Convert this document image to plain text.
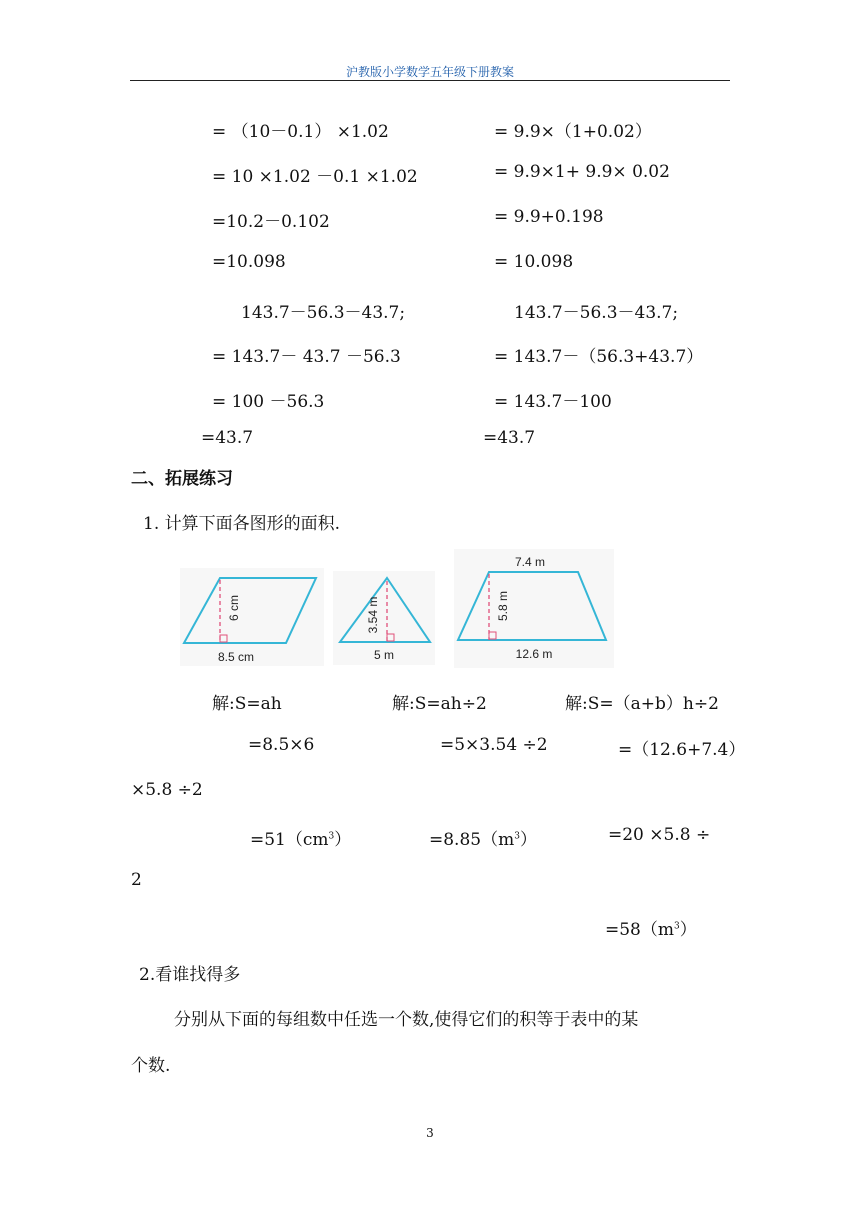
沪教版小学数学五年级下册教案
= （10－0.1） ×1.02
= 10 ×1.02 －0.1 ×1.02
=10.2－0.102
=10.098
143.7－56.3－43.7;
= 143.7－ 43.7 －56.3
= 100 －56.3
=43.7
= 9.9×（1+0.02）
= 9.9×1+ 9.9× 0.02
= 9.9+0.198
= 10.098
143.7－56.3－43.7;
= 143.7－（56.3+43.7）
= 143.7－100
=43.7
二、拓展练习
1. 计算下面各图形的面积.
6 cm
8.5 cm
3.54 m
5 m
7.4 m
5.8 m
12.6 m
解:S=ah	解:S=ah÷2	解:S=（a+b）h÷2
=8.5×6	=5×3.54 ÷2	=（12.6+7.4）
×5.8 ÷2
$=51(cm^3)$	$=8.85(m^3)$	=20 ×5.8 ÷
2
$=58(m^3)$
2.看谁找得多
分别从下面的每组数中任选一个数,使得它们的积等于表中的某
个数.
3
